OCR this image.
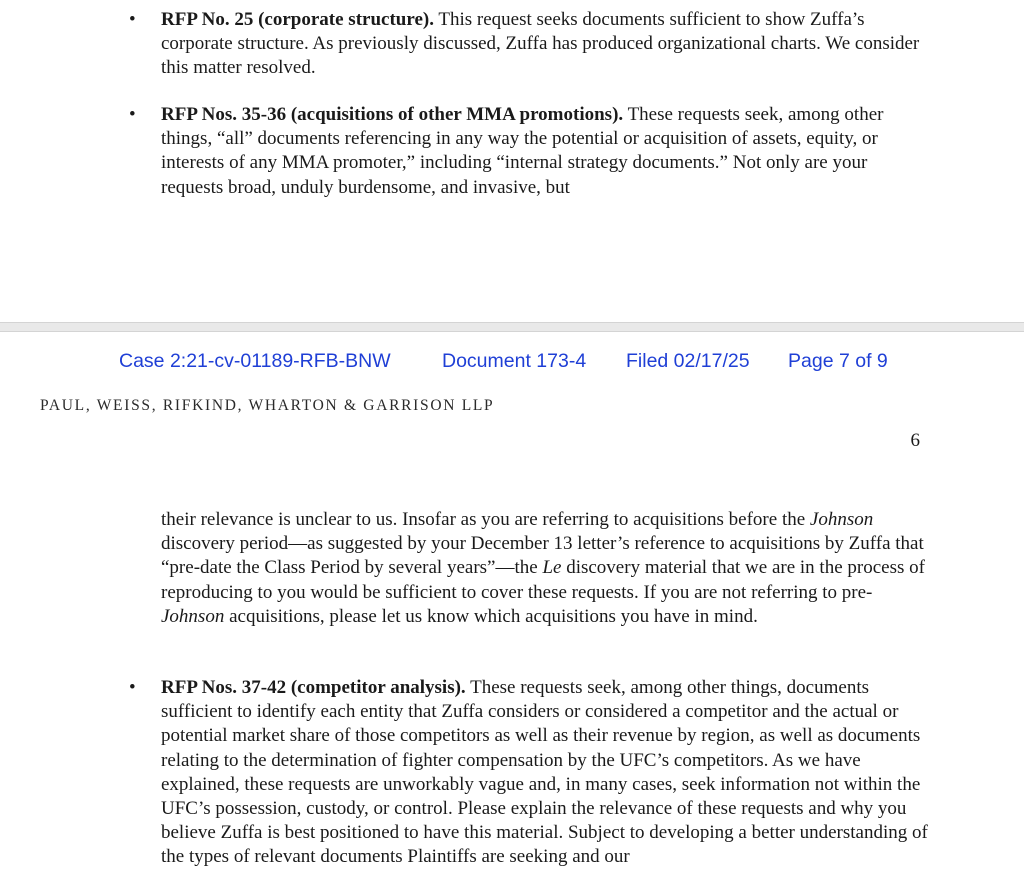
• RFP No. 25 (corporate structure). This request seeks documents sufficient to show Zuffa’s corporate structure. As previously discussed, Zuffa has produced organizational charts. We consider this matter resolved.

• RFP Nos. 35-36 (acquisitions of other MMA promotions). These requests seek, among other things, “all” documents referencing in any way the potential or acquisition of assets, equity, or interests of any MMA promoter,” including “internal strategy documents.” Not only are your requests broad, unduly burdensome, and invasive, but

Case 2:21-cv-01189-RFB-BNW	Document 173-4 Filed 02/17/25 Page 7 of 9
PAUL, WEISS, RIFKIND, WHARTON & GARRISON LLP
6

their relevance is unclear to us. Insofar as you are referring to acquisitions before the Johnson discovery period—as suggested by your December 13 letter’s reference to acquisitions by Zuffa that “pre-date the Class Period by several years”—the Le discovery material that we are in the process of reproducing to you would be sufficient to cover these requests. If you are not referring to pre-Johnson acquisitions, please let us know which acquisitions you have in mind.

• RFP Nos. 37-42 (competitor analysis). These requests seek, among other things, documents sufficient to identify each entity that Zuffa considers or considered a competitor and the actual or potential market share of those competitors as well as their revenue by region, as well as documents relating to the determination of fighter compensation by the UFC’s competitors. As we have explained, these requests are unworkably vague and, in many cases, seek information not within the UFC’s possession, custody, or control. Please explain the relevance of these requests and why you believe Zuffa is best positioned to have this material. Subject to developing a better understanding of the types of relevant documents Plaintiffs are seeking and our
